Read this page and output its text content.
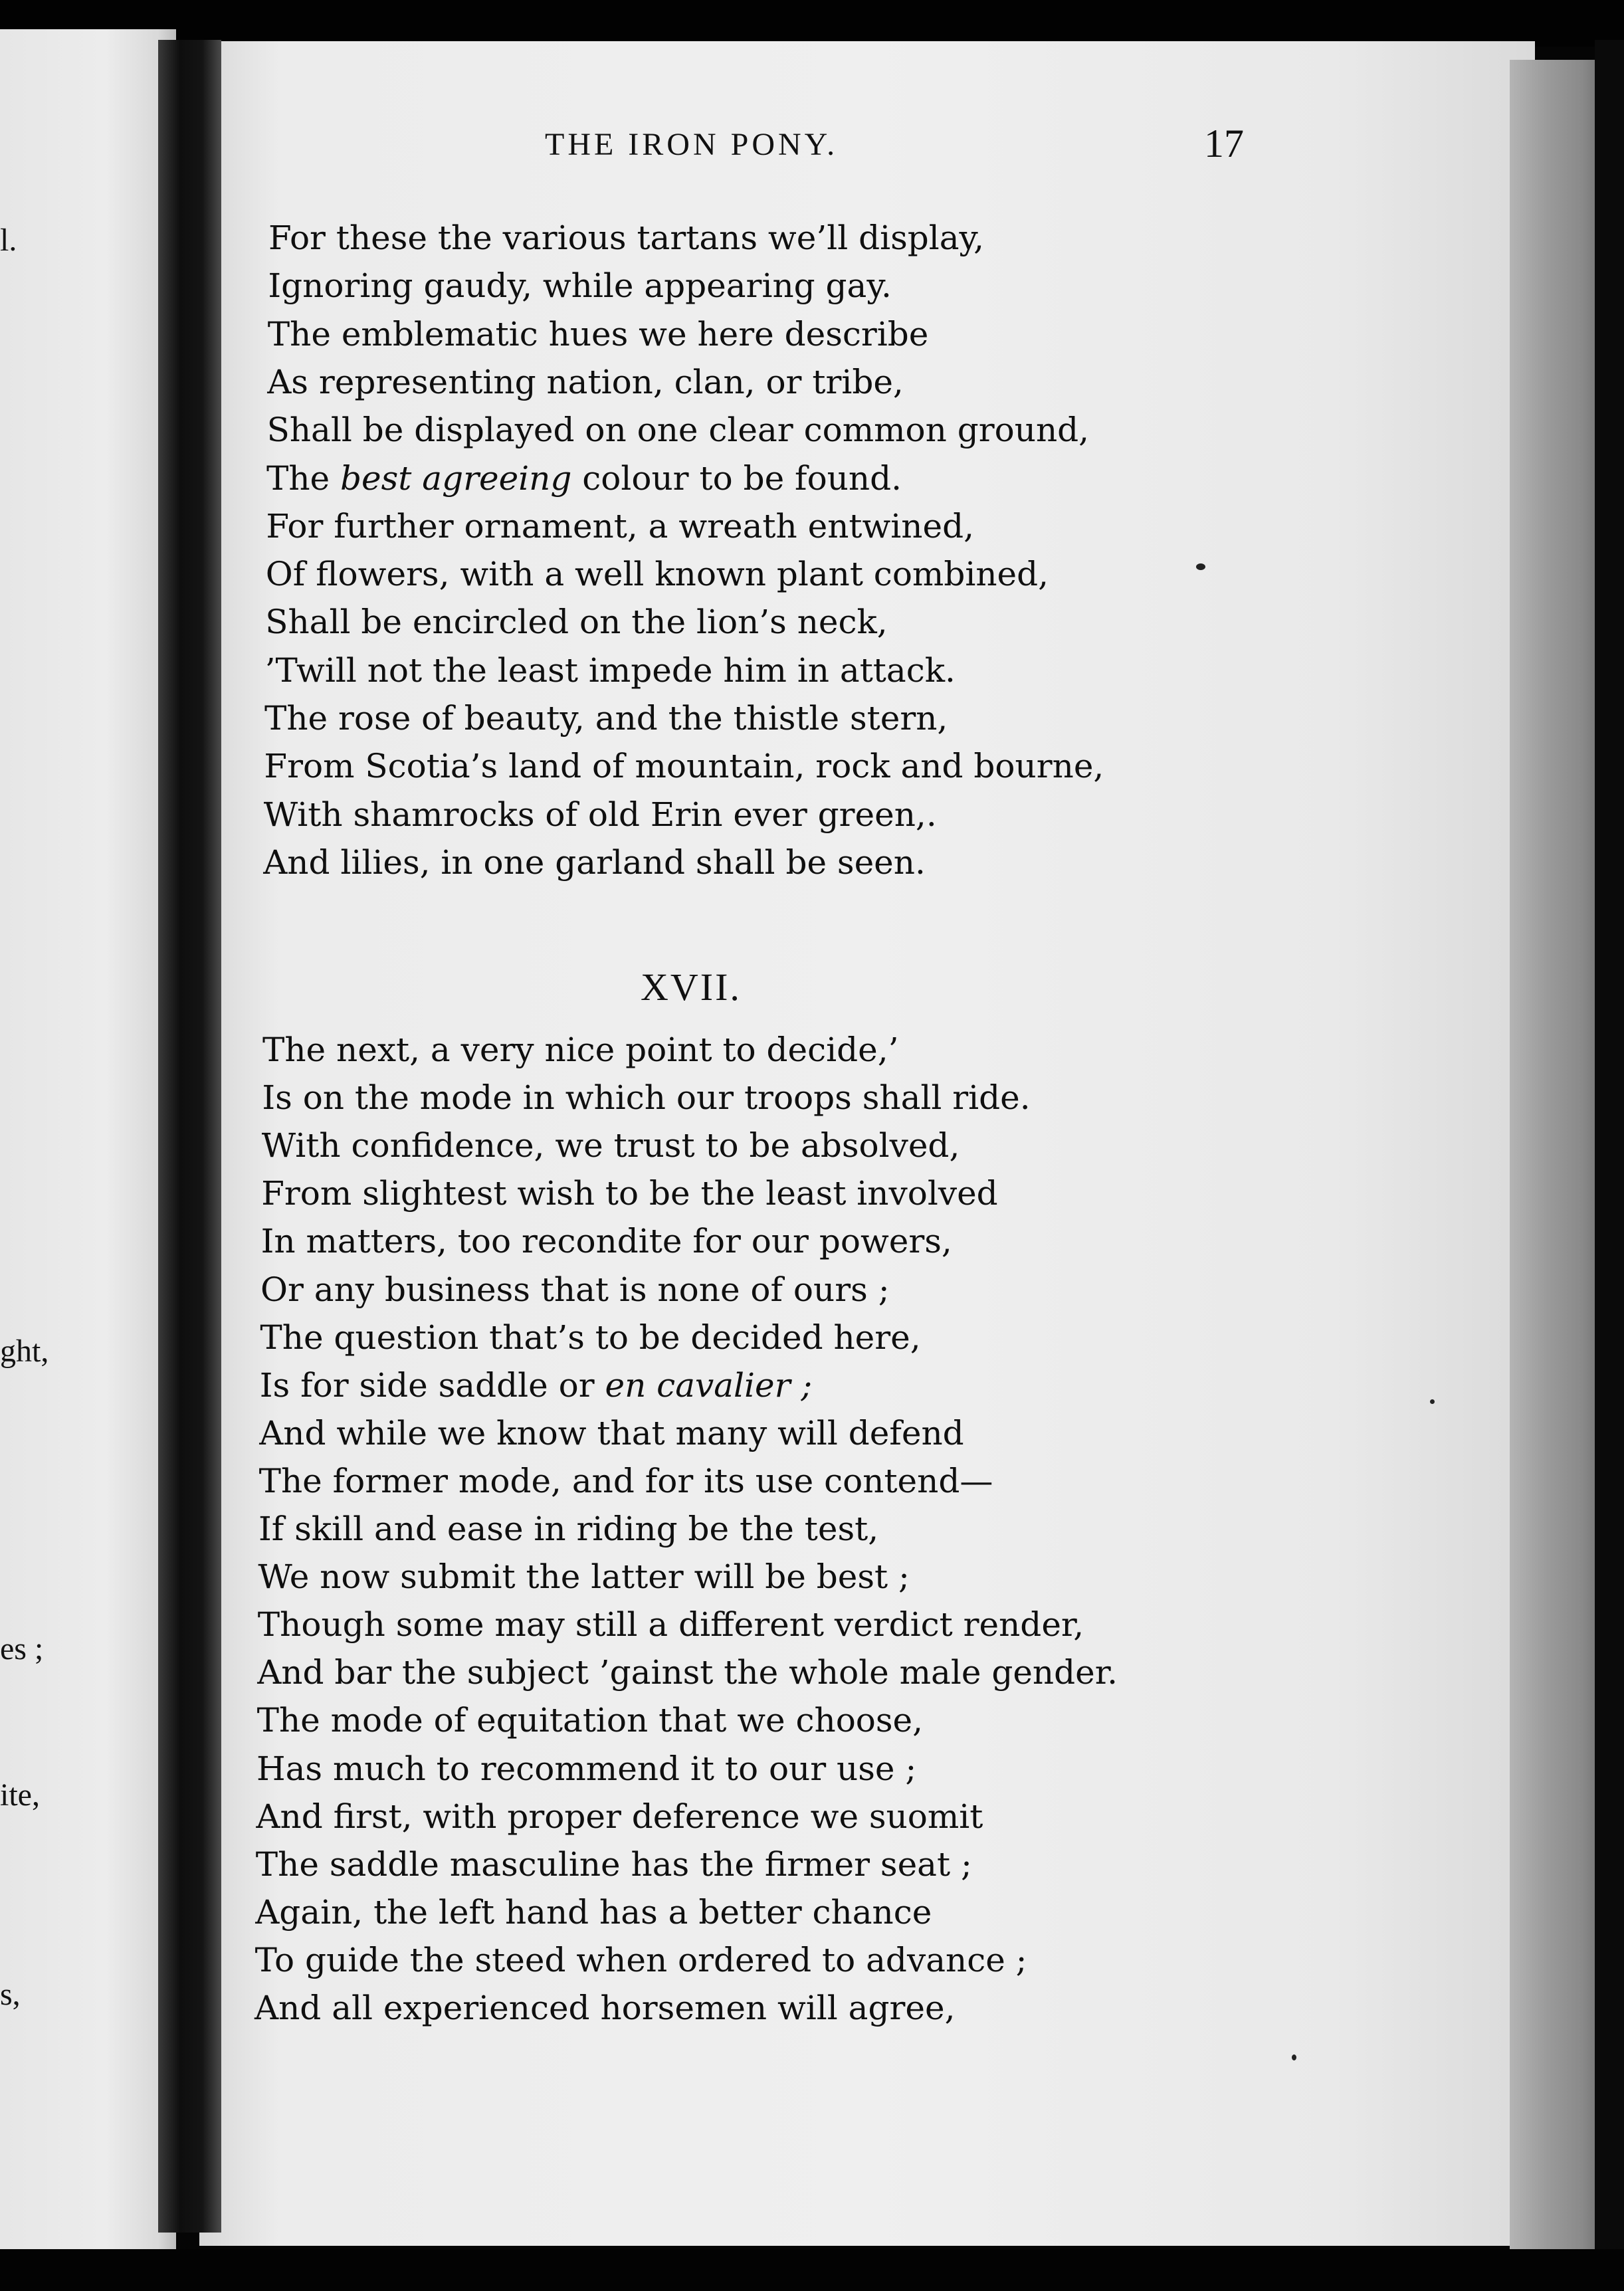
l.
ght,
es ;
ite,
s,
THE IRON PONY.	17
For these the various tartans we’ll display,
Ignoring gaudy, while appearing gay.
The emblematic hues we here describe
As representing nation, clan, or tribe,
Shall be displayed on one clear common ground,
The best agreeing colour to be found.
For further ornament, a wreath entwined,
Of flowers, with a well known plant combined,
Shall be encircled on the lion’s neck,
’Twill not the least impede him in attack.
The rose of beauty, and the thistle stern,
From Scotia’s land of mountain, rock and bourne,
With shamrocks of old Erin ever green,.
And lilies, in one garland shall be seen.
XVII.
The next, a very nice point to decide,’
Is on the mode in which our troops shall ride.
With confidence, we trust to be absolved,
From slightest wish to be the least involved
In matters, too recondite for our powers,
Or any business that is none of ours ;
The question that’s to be decided here,
Is for side saddle or en cavalier ;
And while we know that many will defend
The former mode, and for its use contend—
If skill and ease in riding be the test,
We now submit the latter will be best ;
Though some may still a different verdict render,
And bar the subject ’gainst the whole male gender.
The mode of equitation that we choose,
Has much to recommend it to our use ;
And first, with proper deference we suomit
The saddle masculine has the firmer seat ;
Again, the left hand has a better chance
To guide the steed when ordered to advance ;
And all experienced horsemen will agree,
